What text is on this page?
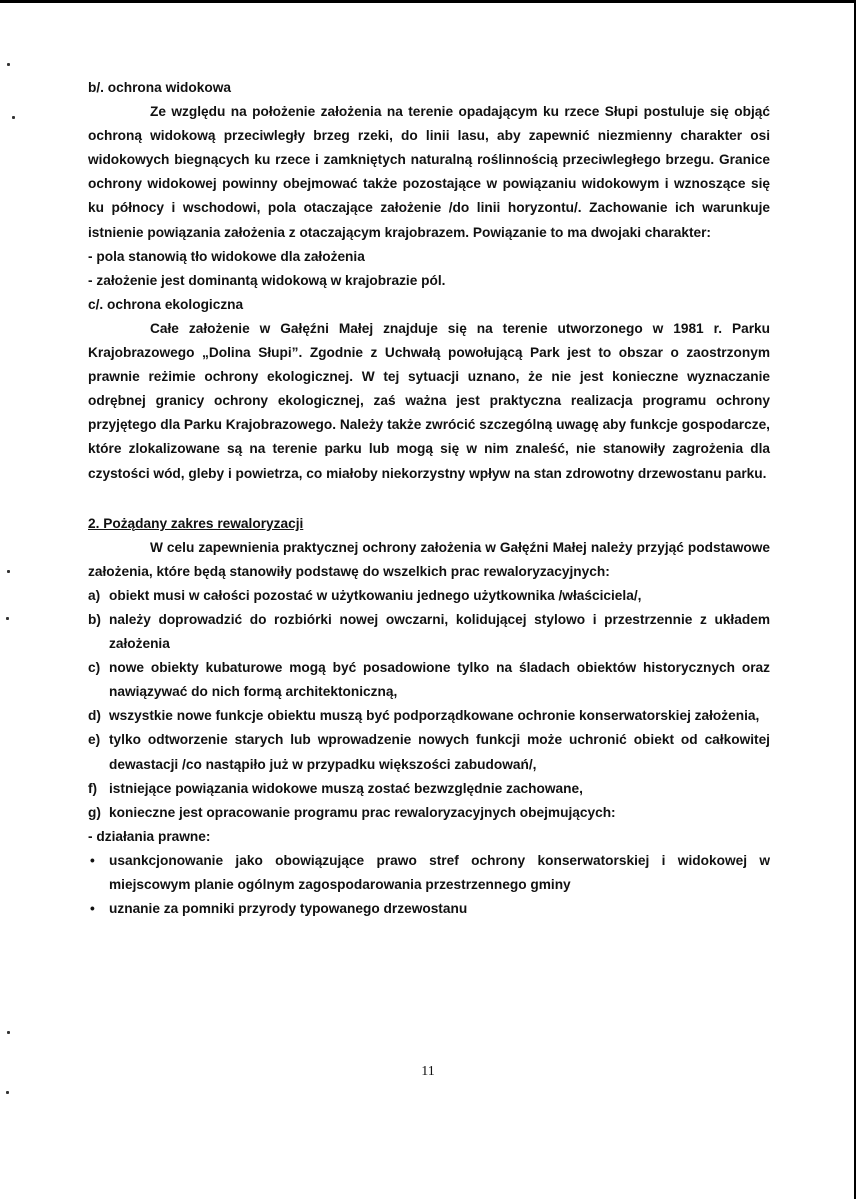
b/. ochrona widokowa

Ze względu na położenie założenia na terenie opadającym ku rzece Słupi postuluje się objąć ochroną widokową przeciwległy brzeg rzeki, do linii lasu, aby zapewnić niezmienny charakter osi widokowych biegnących ku rzece i zamkniętych naturalną roślinnością przeciwległego brzegu. Granice ochrony widokowej powinny obejmować także pozostające w powiązaniu widokowym i wznoszące się ku północy i wschodowi, pola otaczające założenie /do linii horyzontu/. Zachowanie ich warunkuje istnienie powiązania założenia z otaczającym krajobrazem. Powiązanie to ma dwojaki charakter:

- pola stanowią tło widokowe dla założenia

- założenie jest dominantą widokową w krajobrazie pól.

c/. ochrona ekologiczna

Całe założenie w Gałęźni Małej znajduje się na terenie utworzonego w 1981 r. Parku Krajobrazowego „Dolina Słupi”. Zgodnie z Uchwałą powołującą Park jest to obszar o zaostrzonym prawnie reżimie ochrony ekologicznej. W tej sytuacji uznano, że nie jest konieczne wyznaczanie odrębnej granicy ochrony ekologicznej, zaś ważna jest praktyczna realizacja programu ochrony przyjętego dla Parku Krajobrazowego. Należy także zwrócić szczególną uwagę aby funkcje gospodarcze, które zlokalizowane są na terenie parku lub mogą się w nim znaleść, nie stanowiły zagrożenia dla czystości wód, gleby i powietrza, co miałoby niekorzystny wpływ na stan zdrowotny drzewostanu parku.

2. Pożądany zakres rewaloryzacji

W celu zapewnienia praktycznej ochrony założenia w Gałęźni Małej należy przyjąć podstawowe założenia, które będą stanowiły podstawę do wszelkich prac rewaloryzacyjnych:

a) obiekt musi w całości pozostać w użytkowaniu jednego użytkownika /właściciela/,
b) należy doprowadzić do rozbiórki nowej owczarni, kolidującej stylowo i przestrzennie z układem założenia
c) nowe obiekty kubaturowe mogą być posadowione tylko na śladach obiektów historycznych oraz nawiązywać do nich formą architektoniczną,
d) wszystkie nowe funkcje obiektu muszą być podporządkowane ochronie konserwatorskiej założenia,
e) tylko odtworzenie starych lub wprowadzenie nowych funkcji może uchronić obiekt od całkowitej dewastacji /co nastąpiło już w przypadku większości zabudowań/,
f) istniejące powiązania widokowe muszą zostać bezwzględnie zachowane,
g) konieczne jest opracowanie programu prac rewaloryzacyjnych obejmujących:

- działania prawne:

• usankcjonowanie jako obowiązujące prawo stref ochrony konserwatorskiej i widokowej w miejscowym planie ogólnym zagospodarowania przestrzennego gminy
• uznanie za pomniki przyrody typowanego drzewostanu
11
